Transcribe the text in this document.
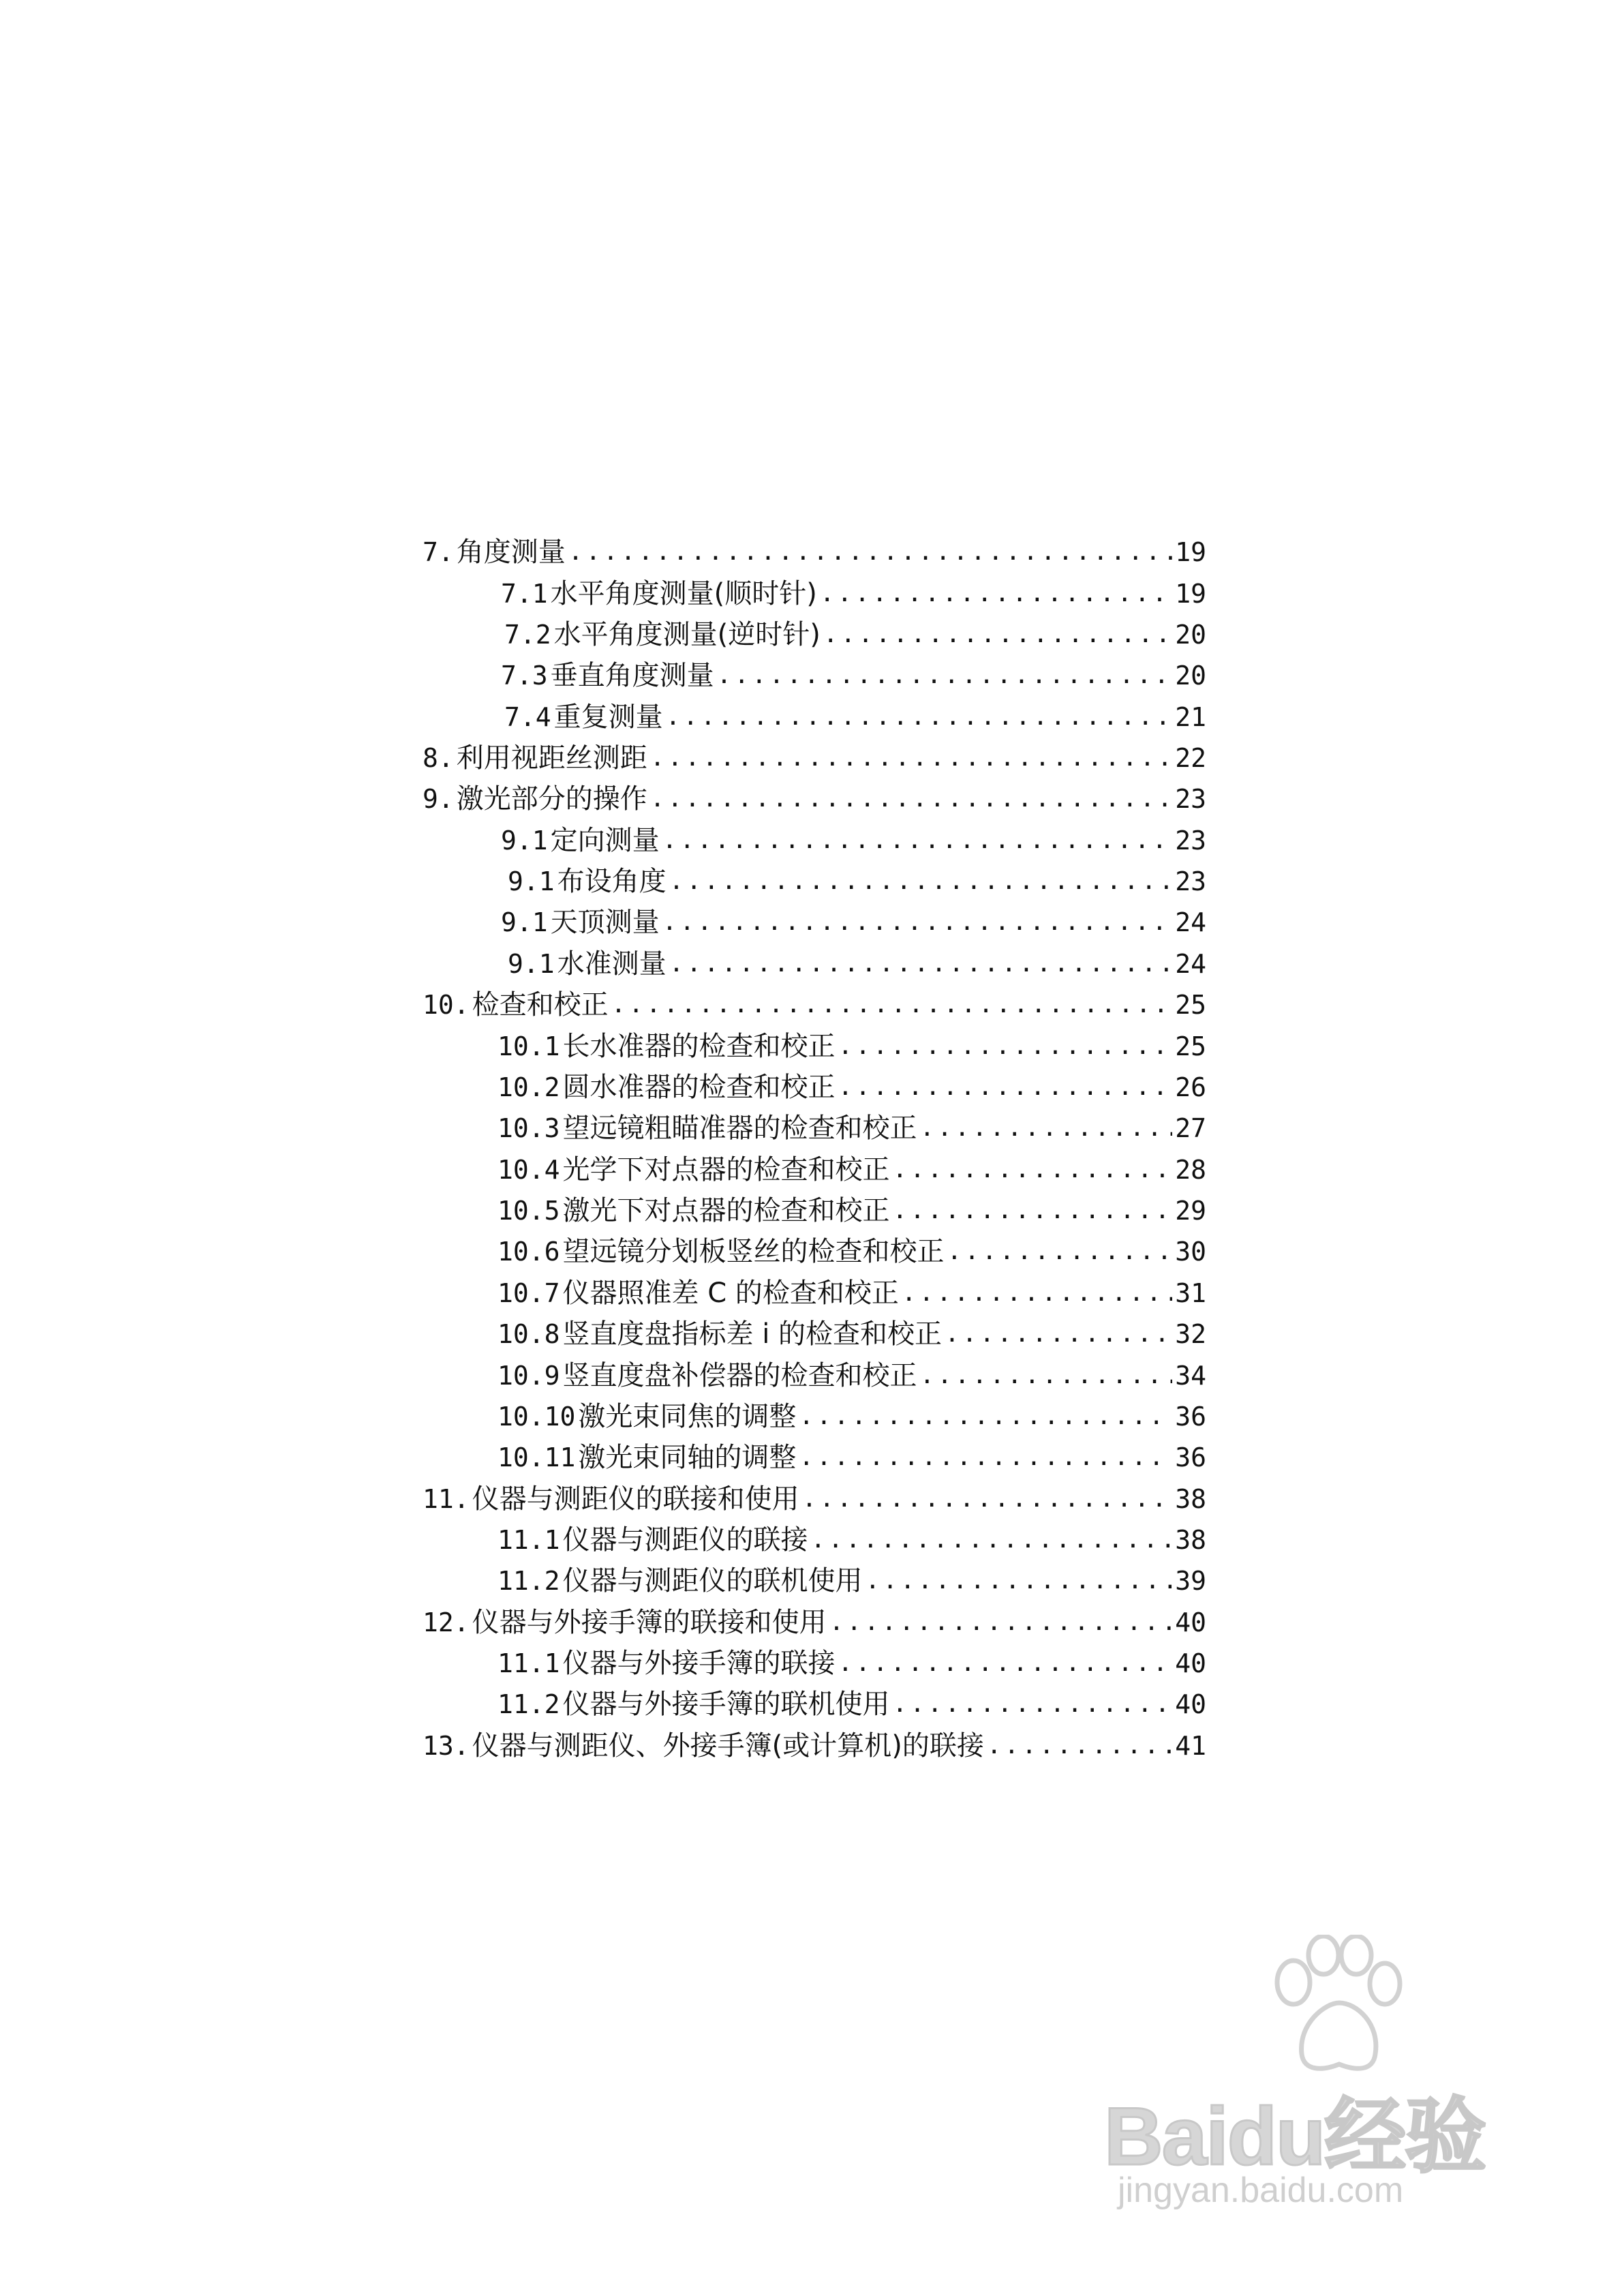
7. 角度测量 .....	19
7.1 水平角度测量(顺时针) .....	19
7.2 水平角度测量(逆时针) .....	20
7.3 垂直角度测量 .....	20
7.4 重复测量 .....	21
8. 利用视距丝测距 .....	22
9. 激光部分的操作 .....	23
9.1 定向测量 .....	23
9.1 布设角度 .....	23
9.1 天顶测量 .....	24
9.1 水准测量 .....	24
10. 检查和校正 .....	25
10.1 长水准器的检查和校正 .....	25
10.2 圆水准器的检查和校正 .....	26
10.3 望远镜粗瞄准器的检查和校正 .....	27
10.4 光学下对点器的检查和校正 .....	28
10.5 激光下对点器的检查和校正 .....	29
10.6 望远镜分划板竖丝的检查和校正 .....	30
10.7 仪器照准差 C 的检查和校正 .....	31
10.8 竖直度盘指标差 i 的检查和校正 .....	32
10.9 竖直度盘补偿器的检查和校正 .....	34
10.10 激光束同焦的调整 .....	36
10.11 激光束同轴的调整 .....	36
11. 仪器与测距仪的联接和使用 .....	38
11.1 仪器与测距仪的联接 .....	38
11.2 仪器与测距仪的联机使用 .....	39
12. 仪器与外接手簿的联接和使用 .....	40
11.1 仪器与外接手簿的联接 .....	40
11.2 仪器与外接手簿的联机使用 .....	40
13. 仪器与测距仪、外接手簿(或计算机)的联接 .....	41
Baidu经验
jingyan.baidu.com
